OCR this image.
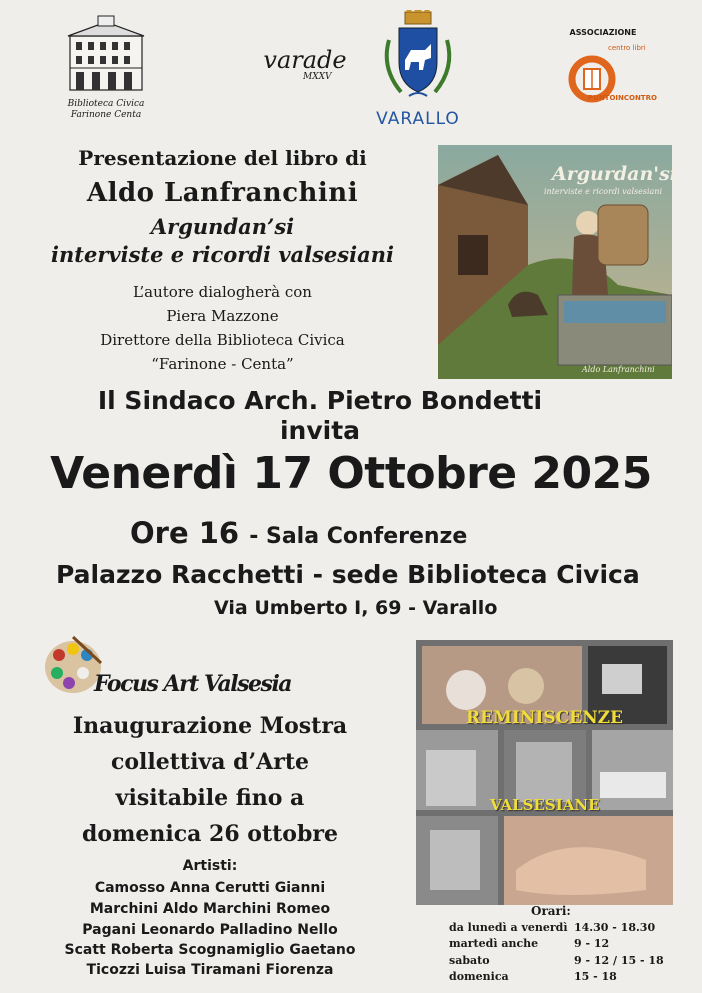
Biblioteca Civica
Farinone Centa
varade
MXXV
VARALLO
ASSOCIAZIONE
centro libri
PUNTOINCONTRO
Presentazione del libro di
Aldo Lanfranchini
Argundan’si
interviste e ricordi valsesiani
L’autore dialogherà con
Piera Mazzone
Direttore della Biblioteca Civica
“Farinone - Centa”
Argurdan'si
interviste e ricordi valsesiani
Aldo Lanfranchini
Il Sindaco Arch. Pietro Bondetti
invita
Venerdì 17 Ottobre 2025
Ore 16 - Sala Conferenze
Palazzo Racchetti - sede Biblioteca Civica
Via Umberto I, 69 - Varallo
Focus Art Valsesia
Inaugurazione Mostra
collettiva d’Arte
visitabile fino a
domenica 26 ottobre
Artisti:
Camosso Anna Cerutti Gianni
Marchini Aldo Marchini Romeo
Pagani Leonardo Palladino Nello
Scatt Roberta Scognamiglio Gaetano
Ticozzi Luisa Tiramani Fiorenza
REMINISCENZE
VALSESIANE
Orari:
da lunedì a venerdì 14.30 - 18.30
martedì anche	9 - 12
sabato	9 - 12 / 15 - 18
domenica	15 - 18
